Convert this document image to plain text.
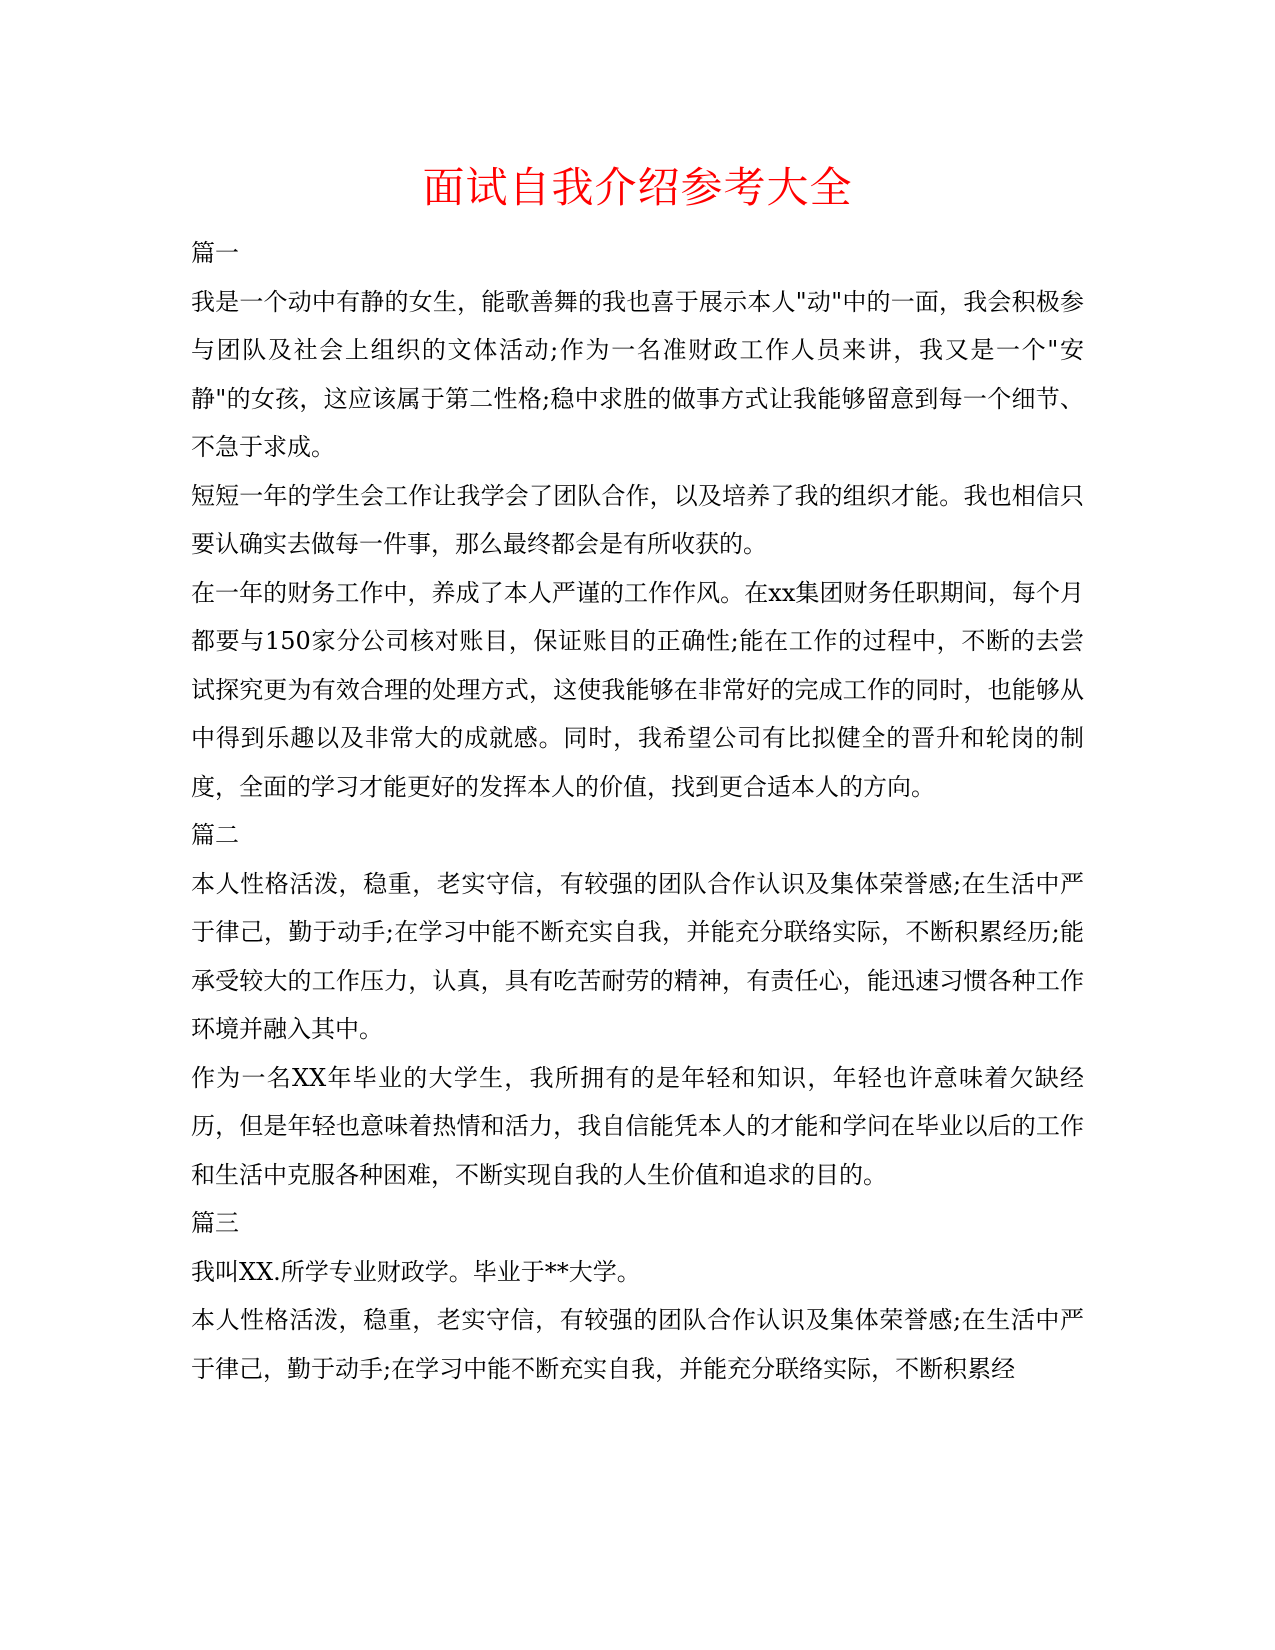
面试自我介绍参考大全

篇一

我是一个动中有静的女生，能歌善舞的我也喜于展示本人"动"中的一面，我会积极参与团队及社会上组织的文体活动;作为一名准财政工作人员来讲，我又是一个"安静"的女孩，这应该属于第二性格;稳中求胜的做事方式让我能够留意到每一个细节、不急于求成。

短短一年的学生会工作让我学会了团队合作，以及培养了我的组织才能。我也相信只要认确实去做每一件事，那么最终都会是有所收获的。

在一年的财务工作中，养成了本人严谨的工作作风。在xx集团财务任职期间，每个月都要与150家分公司核对账目，保证账目的正确性;能在工作的过程中，不断的去尝试探究更为有效合理的处理方式，这使我能够在非常好的完成工作的同时，也能够从中得到乐趣以及非常大的成就感。同时，我希望公司有比拟健全的晋升和轮岗的制度，全面的学习才能更好的发挥本人的价值，找到更合适本人的方向。

篇二

本人性格活泼，稳重，老实守信，有较强的团队合作认识及集体荣誉感;在生活中严于律己，勤于动手;在学习中能不断充实自我，并能充分联络实际，不断积累经历;能承受较大的工作压力，认真，具有吃苦耐劳的精神，有责任心，能迅速习惯各种工作环境并融入其中。

作为一名XX年毕业的大学生，我所拥有的是年轻和知识，年轻也许意味着欠缺经历，但是年轻也意味着热情和活力，我自信能凭本人的才能和学问在毕业以后的工作和生活中克服各种困难，不断实现自我的人生价值和追求的目的。

篇三

我叫XX.所学专业财政学。毕业于**大学。

本人性格活泼，稳重，老实守信，有较强的团队合作认识及集体荣誉感;在生活中严于律己，勤于动手;在学习中能不断充实自我，并能充分联络实际，不断积累经
